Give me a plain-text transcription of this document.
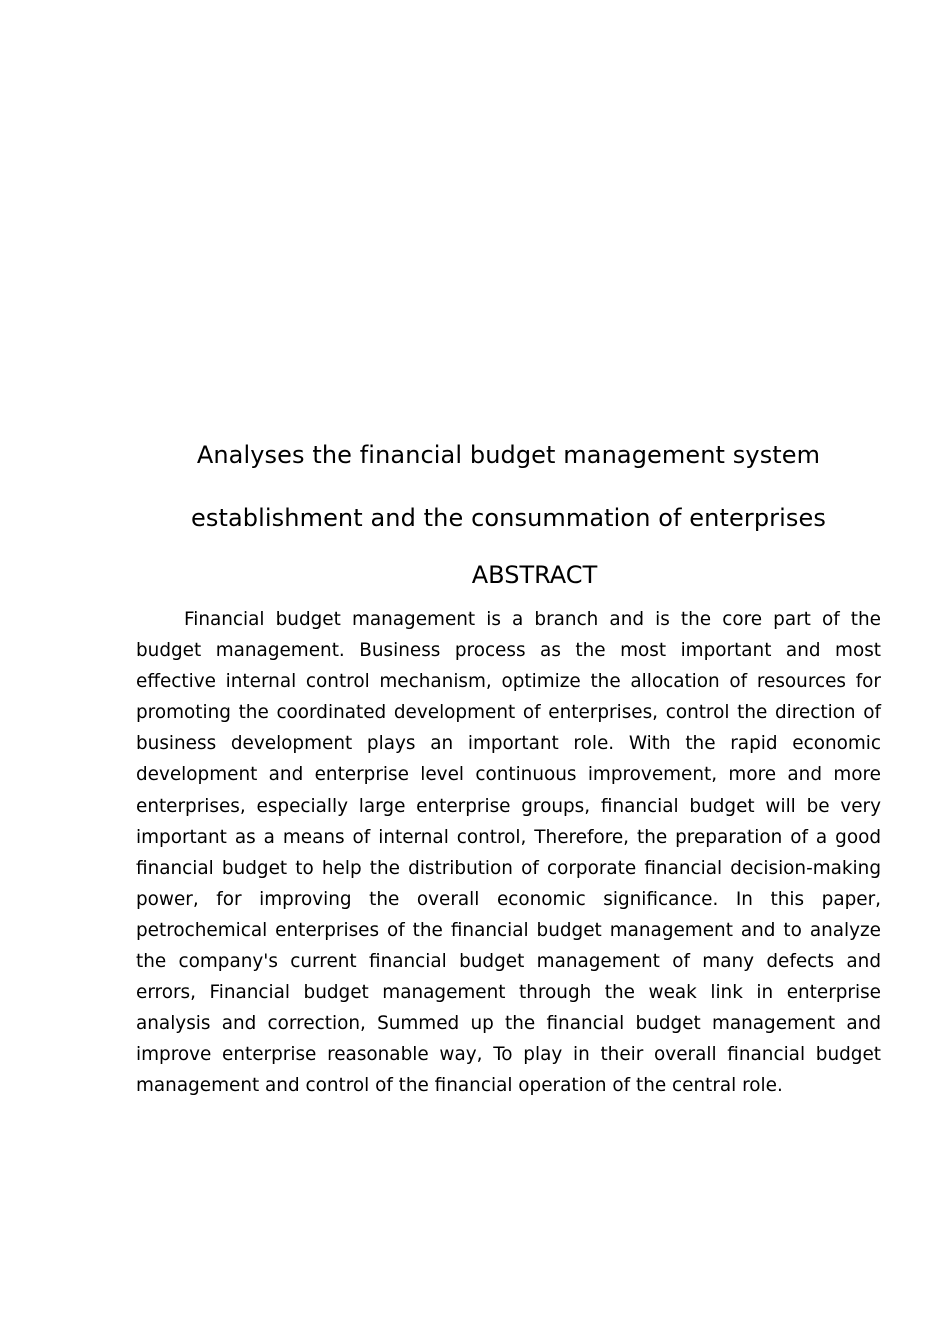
Analyses the financial budget management system
establishment and the consummation of enterprises
ABSTRACT

Financial budget management is a branch and is the core part of the budget management. Business process as the most important and most effective internal control mechanism, optimize the allocation of resources for promoting the coordinated development of enterprises, control the direction of business development plays an important role. With the rapid economic development and enterprise level continuous improvement, more and more enterprises, especially large enterprise groups, financial budget will be very important as a means of internal control, Therefore, the preparation of a good financial budget to help the distribution of corporate financial decision-making power, for improving the overall economic significance. In this paper, petrochemical enterprises of the financial budget management and to analyze the company's current financial budget management of many defects and errors, Financial budget management through the weak link in enterprise analysis and correction, Summed up the financial budget management and improve enterprise reasonable way, To play in their overall financial budget management and control of the financial operation of the central role.
